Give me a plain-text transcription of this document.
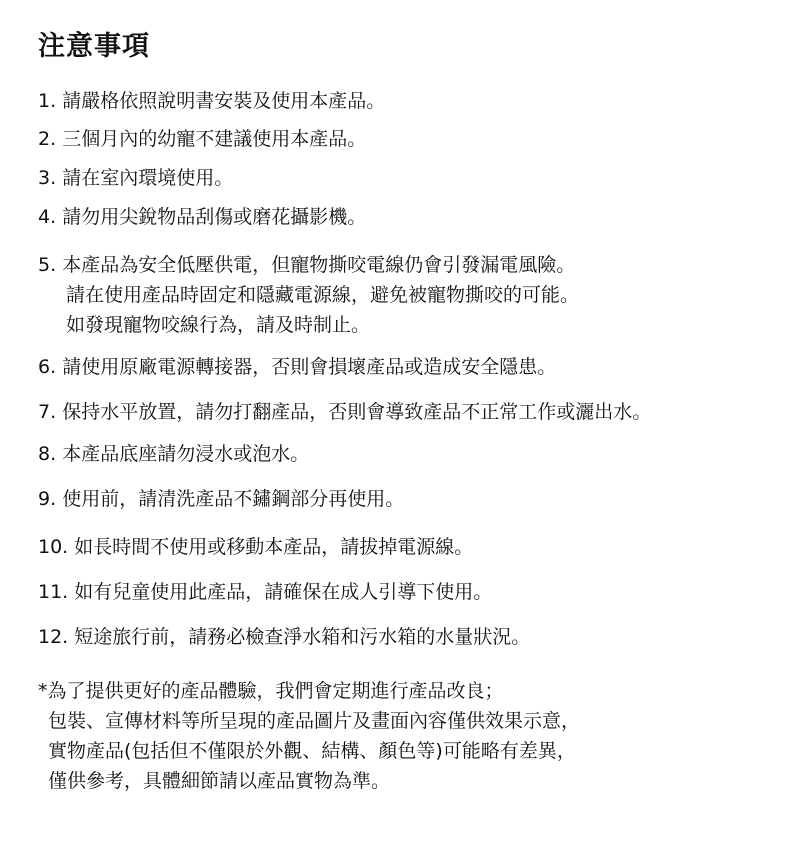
注意事項
1. 請嚴格依照說明書安裝及使用本產品。
2. 三個月內的幼寵不建議使用本產品。
3. 請在室內環境使用。
4. 請勿用尖銳物品刮傷或磨花攝影機。
5. 本產品為安全低壓供電，但寵物撕咬電線仍會引發漏電風險。
請在使用產品時固定和隱藏電源線，避免被寵物撕咬的可能。
如發現寵物咬線行為，請及時制止。
6. 請使用原廠電源轉接器，否則會損壞產品或造成安全隱患。
7. 保持水平放置，請勿打翻產品，否則會導致產品不正常工作或灑出水。
8. 本產品底座請勿浸水或泡水。
9. 使用前，請清洗產品不鏽鋼部分再使用。
10. 如長時間不使用或移動本產品，請拔掉電源線。
11. 如有兒童使用此產品，請確保在成人引導下使用。
12. 短途旅行前，請務必檢查淨水箱和污水箱的水量狀況。
*為了提供更好的產品體驗，我們會定期進行產品改良；
包裝、宣傳材料等所呈現的產品圖片及畫面內容僅供效果示意，
實物產品(包括但不僅限於外觀、結構、顏色等)可能略有差異，
僅供參考，具體細節請以產品實物為準。
